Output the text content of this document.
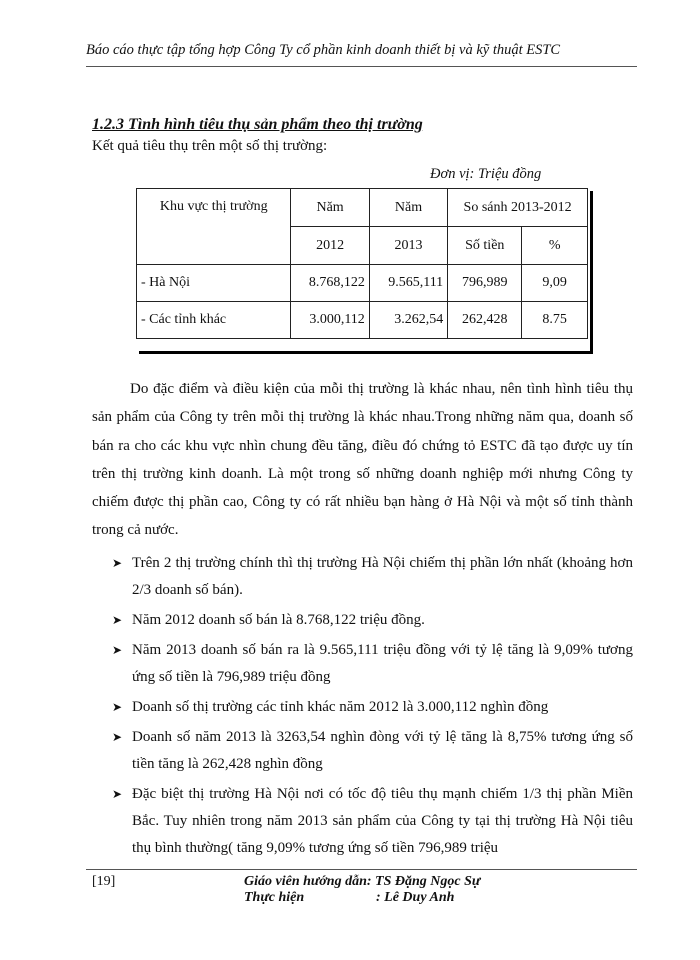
Báo cáo thực tập tổng hợp Công Ty cổ phần kinh doanh thiết bị và kỹ thuật ESTC
1.2.3 Tình hình tiêu thụ sản phẩm theo thị trường
Kết quả tiêu thụ trên một số thị trường:
Đơn vị: Triệu đồng
Khu vực thị trường	Năm	Năm	So sánh 2013-2012	
	2012	2013	Số tiền	%
- Hà Nội	8.768,122	9.565,111	796,989	9,09
- Các tỉnh khác	3.000,112	3.262,54	262,428	8.75
Do đặc điểm và điều kiện của mỗi thị trường là khác nhau, nên tình hình tiêu thụ sản phẩm của Công ty trên mỗi thị trường là khác nhau.Trong những năm qua, doanh số bán ra cho các khu vực nhìn chung đều tăng, điều đó chứng tỏ ESTC đã tạo được uy tín trên thị trường kinh doanh. Là một trong số những doanh nghiệp mới nhưng Công ty chiếm được thị phần cao, Công ty có rất nhiều bạn hàng ở Hà Nội và một số tỉnh thành trong cả nước.
➤ Trên 2 thị trường chính thì thị trường Hà Nội chiếm thị phần lớn nhất (khoảng hơn 2/3 doanh số bán).
➤ Năm 2012 doanh số bán là 8.768,122 triệu đồng.
➤ Năm 2013 doanh số bán ra là 9.565,111 triệu đồng với tỷ lệ tăng là 9,09% tương ứng số tiền là 796,989 triệu đồng
➤ Doanh số thị trường các tỉnh khác năm 2012 là 3.000,112 nghìn đồng
➤ Doanh số năm 2013 là 3263,54 nghìn đòng với tỷ lệ tăng là 8,75% tương ứng số tiền tăng là 262,428 nghìn đồng
➤ Đặc biệt thị trường Hà Nội nơi có tốc độ tiêu thụ mạnh chiếm 1/3 thị phần Miền Bắc. Tuy nhiên trong năm 2013 sản phẩm của Công ty tại thị trường Hà Nội tiêu thụ bình thường( tăng 9,09% tương ứng số tiền 796,989 triệu
[19]	Giáo viên hướng dẫn: TS Đặng Ngọc Sự
Thực hiện	: Lê Duy Anh
